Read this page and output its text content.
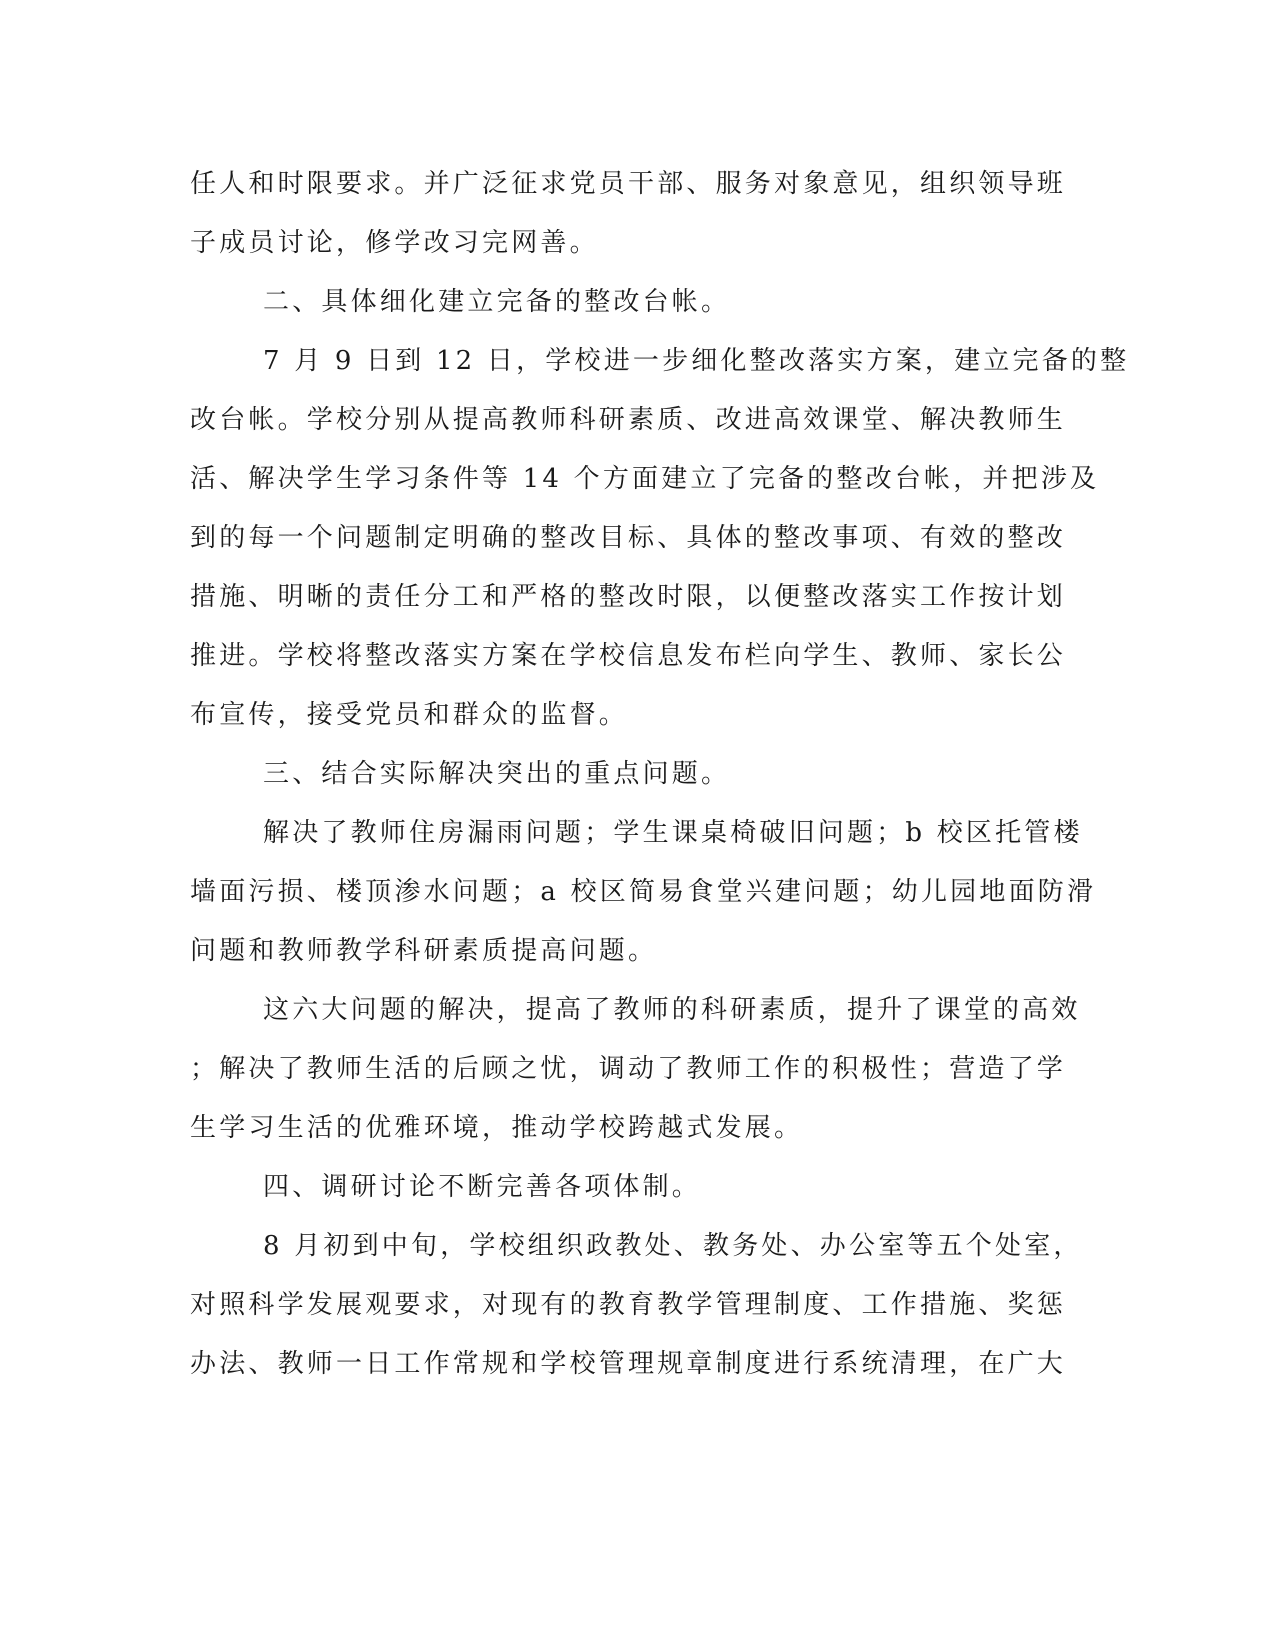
任人和时限要求。并广泛征求党员干部、服务对象意见，组织领导班

子成员讨论，修学改习完网善。

二、具体细化建立完备的整改台帐。

7 月 9 日到 12 日，学校进一步细化整改落实方案，建立完备的整

改台帐。学校分别从提高教师科研素质、改进高效课堂、解决教师生

活、解决学生学习条件等 14 个方面建立了完备的整改台帐，并把涉及

到的每一个问题制定明确的整改目标、具体的整改事项、有效的整改

措施、明晰的责任分工和严格的整改时限，以便整改落实工作按计划

推进。学校将整改落实方案在学校信息发布栏向学生、教师、家长公

布宣传，接受党员和群众的监督。

三、结合实际解决突出的重点问题。

解决了教师住房漏雨问题；学生课桌椅破旧问题；b 校区托管楼

墙面污损、楼顶渗水问题；a 校区简易食堂兴建问题；幼儿园地面防滑

问题和教师教学科研素质提高问题。

这六大问题的解决，提高了教师的科研素质，提升了课堂的高效

；解决了教师生活的后顾之忧，调动了教师工作的积极性；营造了学

生学习生活的优雅环境，推动学校跨越式发展。

四、调研讨论不断完善各项体制。

8 月初到中旬，学校组织政教处、教务处、办公室等五个处室，

对照科学发展观要求，对现有的教育教学管理制度、工作措施、奖惩

办法、教师一日工作常规和学校管理规章制度进行系统清理，在广大
